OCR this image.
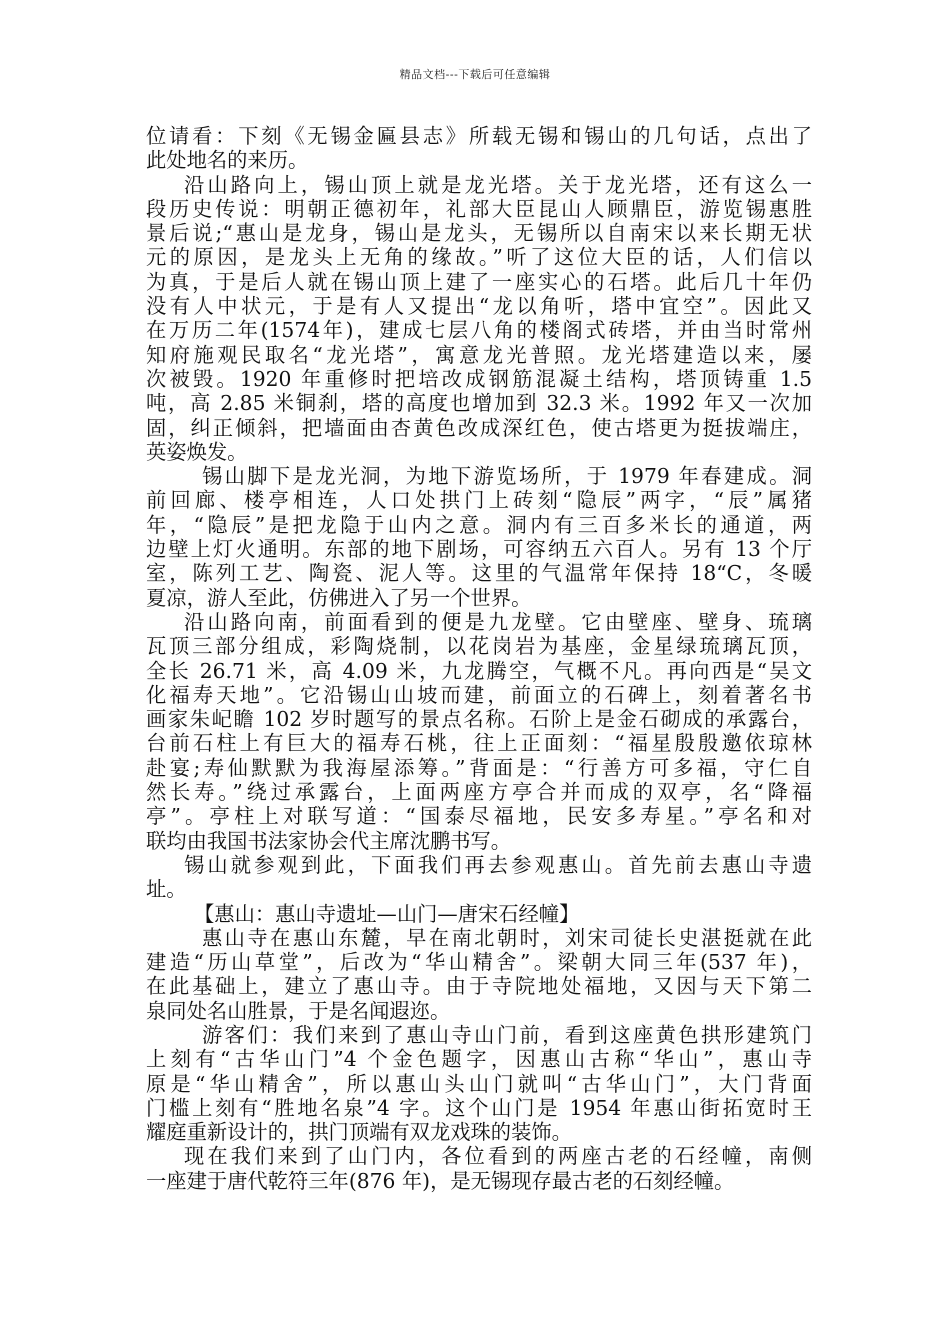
精品文档---下载后可任意编辑
位请看：下刻《无锡金匾县志》所载无锡和锡山的几句话，点出了
此处地名的来历。
沿山路向上，锡山顶上就是龙光塔。关于龙光塔，还有这么一
段历史传说：明朝正德初年，礼部大臣昆山人顾鼎臣，游览锡惠胜
景后说;“惠山是龙身，锡山是龙头，无锡所以自南宋以来长期无状
元的原因，是龙头上无角的缘故。”听了这位大臣的话，人们信以
为真，于是后人就在锡山顶上建了一座实心的石塔。此后几十年仍
没有人中状元，于是有人又提出“龙以角听，塔中宜空”。因此又
在万历二年(1574年)，建成七层八角的楼阁式砖塔，并由当时常州
知府施观民取名“龙光塔”，寓意龙光普照。龙光塔建造以来，屡
次被毁。1920 年重修时把培改成钢筋混凝土结构，塔顶铸重 1.5
吨，高 2.85 米铜刹，塔的高度也增加到 32.3 米。1992 年又一次加
固，纠正倾斜，把墙面由杏黄色改成深红色，使古塔更为挺拔端庄，
英姿焕发。
锡山脚下是龙光洞，为地下游览场所，于 1979 年春建成。洞
前回廊、楼亭相连，人口处拱门上砖刻“隐辰”两字，“辰”属猪
年，“隐辰”是把龙隐于山内之意。洞内有三百多米长的通道，两
边壁上灯火通明。东部的地下剧场，可容纳五六百人。另有 13 个厅
室，陈列工艺、陶瓷、泥人等。这里的气温常年保持 18“C，冬暖
夏凉，游人至此，仿佛进入了另一个世界。
沿山路向南，前面看到的便是九龙壁。它由壁座、壁身、琉璃
瓦顶三部分组成，彩陶烧制，以花岗岩为基座，金星绿琉璃瓦顶，
全长 26.71 米，高 4.09 米，九龙腾空，气概不凡。再向西是“吴文
化福寿天地”。它沿锡山山坡而建，前面立的石碑上，刻着著名书
画家朱屺瞻 102 岁时题写的景点名称。石阶上是金石砌成的承露台，
台前石柱上有巨大的福寿石桃，往上正面刻：“福星殷殷邀依琼林
赴宴;寿仙默默为我海屋添筹。”背面是：“行善方可多福，守仁自
然长寿。”绕过承露台，上面两座方亭合并而成的双亭，名“降福
亭”。亭柱上对联写道：“国泰尽福地，民安多寿星。”亭名和对
联均由我国书法家协会代主席沈鹏书写。
锡山就参观到此，下面我们再去参观惠山。首先前去惠山寺遗
址。
【惠山：惠山寺遗址—山门—唐宋石经幢】
惠山寺在惠山东麓，早在南北朝时，刘宋司徒长史湛挺就在此
建造“历山草堂”，后改为“华山精舍”。梁朝大同三年(537 年)，
在此基础上，建立了惠山寺。由于寺院地处福地，又因与天下第二
泉同处名山胜景，于是名闻遐迩。
游客们：我们来到了惠山寺山门前，看到这座黄色拱形建筑门
上刻有“古华山门”4 个金色题字，因惠山古称“华山”，惠山寺
原是“华山精舍”，所以惠山头山门就叫“古华山门”，大门背面
门槛上刻有“胜地名泉”4 字。这个山门是 1954 年惠山街拓宽时王
耀庭重新设计的，拱门顶端有双龙戏珠的装饰。
现在我们来到了山门内，各位看到的两座古老的石经幢，南侧
一座建于唐代乾符三年(876 年)，是无锡现存最古老的石刻经幢。
